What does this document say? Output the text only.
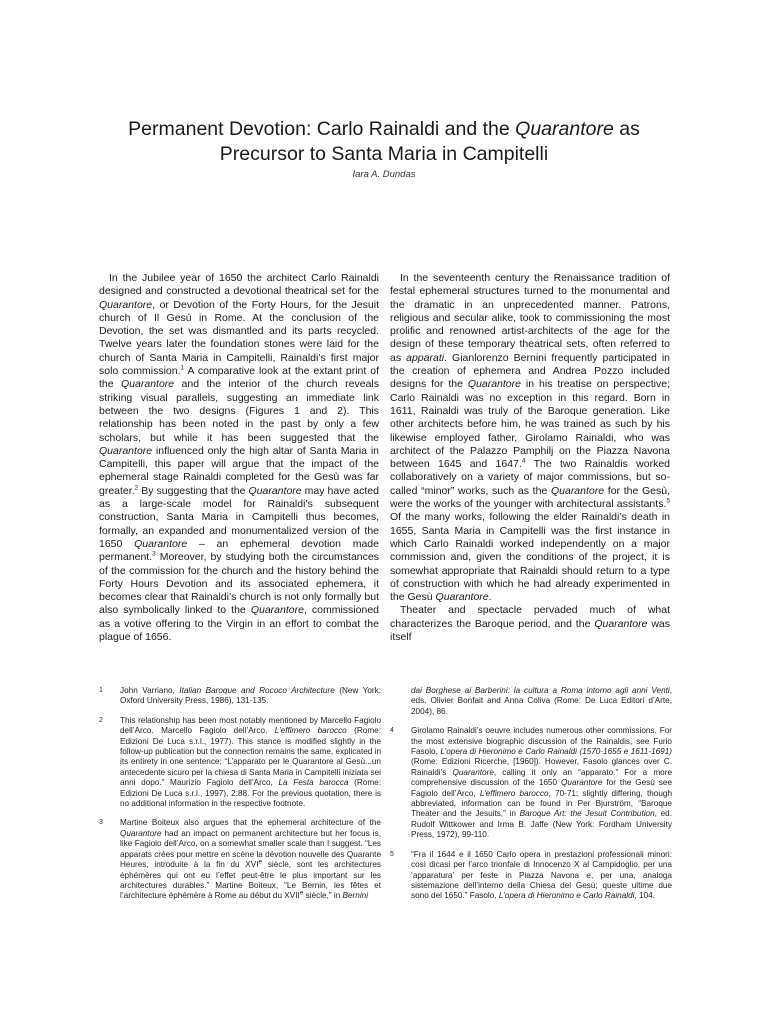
Permanent Devotion: Carlo Rainaldi and the Quarantore as
Precursor to Santa Maria in Campitelli
Iara A. Dundas

In the Jubilee year of 1650 the architect Carlo Rainaldi designed and constructed a devotional theatrical set for the Quarantore, or Devotion of the Forty Hours, for the Jesuit church of Il Gesù in Rome. At the conclusion of the Devotion, the set was dismantled and its parts recycled. Twelve years later the foundation stones were laid for the church of Santa Maria in Campitelli, Rainaldi’s first major solo commission.$^1$ A comparative look at the extant print of the Quarantore and the interior of the church reveals striking visual parallels, suggesting an immediate link between the two designs (Figures 1 and 2). This relationship has been noted in the past by only a few scholars, but while it has been suggested that the Quarantore influenced only the high altar of Santa Maria in Campitelli, this paper will argue that the impact of the ephemeral stage Rainaldi completed for the Gesù was far greater.$^2$ By suggesting that the Quarantore may have acted as a large-scale model for Rainaldi’s subsequent construction, Santa Maria in Campitelli thus becomes, formally, an expanded and monumentalized version of the 1650 Quarantore – an ephemeral devotion made permanent.$^3$ Moreover, by studying both the circumstances of the commission for the church and the history behind the Forty Hours Devotion and its associated ephemera, it becomes clear that Rainaldi’s church is not only formally but also symbolically linked to the Quarantore, commissioned as a votive offering to the Virgin in an effort to combat the plague of 1656.

In the seventeenth century the Renaissance tradition of festal ephemeral structures turned to the monumental and the dramatic in an unprecedented manner. Patrons, religious and secular alike, took to commissioning the most prolific and renowned artist-architects of the age for the design of these temporary theatrical sets, often referred to as apparati. Gianlorenzo Bernini frequently participated in the creation of ephemera and Andrea Pozzo included designs for the Quarantore in his treatise on perspective; Carlo Rainaldi was no exception in this regard. Born in 1611, Rainaldi was truly of the Baroque generation. Like other architects before him, he was trained as such by his likewise employed father, Girolamo Rainaldi, who was architect of the Palazzo Pamphilj on the Piazza Navona between 1645 and 1647.$^4$ The two Rainaldis worked collaboratively on a variety of major commissions, but so-called “minor” works, such as the Quarantore for the Gesù, were the works of the younger with architectural assistants.$^5$ Of the many works, following the elder Rainaldi’s death in 1655, Santa Maria in Campitelli was the first instance in which Carlo Rainaldi worked independently on a major commission and, given the conditions of the project, it is somewhat appropriate that Rainaldi should return to a type of construction with which he had already experimented in the Gesù Quarantore.

Theater and spectacle pervaded much of what characterizes the Baroque period, and the Quarantore was itself

1 John Varriano, Italian Baroque and Rococo Architecture (New York: Oxford University Press, 1986), 131-135.
2 This relationship has been most notably mentioned by Marcello Fagiolo dell’Arco. Marcello Fagiolo dell’Arco, L’effimero barocco (Rome: Edizioni De Luca s.r.l., 1977). This stance is modified slightly in the follow-up publication but the connection remains the same, explicated in its entirety in one sentence: “L’apparato per le Quarantore al Gesù...un antecedente sicuro per la chiesa di Santa Maria in Campitelli iniziata sei anni dopo.” Maurizio Fagiolo dell’Arco, La Festa barocca (Rome: Edizioni De Luca s.r.l., 1997), 2:88. For the previous quotation, there is no additional information in the respective footnote.
3 Martine Boiteux also argues that the ephemeral architecture of the Quarantore had an impact on permanent architecture but her focus is, like Fagiolo dell’Arco, on a somewhat smaller scale than I suggest. “Les apparats crées pour mettre en scène la dévotion nouvelle des Quarante Heures, introduite à la fin du XVIe siècle, sont les architectures éphémères qui ont eu l’effet peut-être le plus important sur les architectures durables.” Martine Boiteux, “Le Bernin, les fêtes et l’architecture éphémère à Rome au début du XVIIe siècle,” in Bernini
dai Borghese ai Barberini: la cultura a Roma intorno agli anni Venti, eds. Olivier Bonfait and Anna Coliva (Rome: De Luca Editori d’Arte, 2004), 86.
4 Girolamo Rainaldi’s oeuvre includes numerous other commissions. For the most extensive biographic discussion of the Rainaldis, see Furio Fasolo, L’opera di Hieronimo e Carlo Rainaldi (1570-1655 e 1611-1691) (Rome: Edizioni Ricerche, [1960]). However, Fasolo glances over C. Rainaldi’s Quarantore, calling it only an “apparato.” For a more comprehensive discussion of the 1650 Quarantore for the Gesù see Fagiolo dell’Arco, L’effimero barocco, 70-71; slightly differing, though abbreviated, information can be found in Per Bjurström, “Baroque Theater and the Jesuits,” in Baroque Art: the Jesuit Contribution, ed. Rudolf Wittkower and Irma B. Jaffe (New York: Fordham University Press, 1972), 99-110.
5 “Fra il 1644 e il 1650 Carlo opera in prestazioni professionali minori: così dicasi per l’arco trionfale di Innocenzo X al Campidoglio, per una ‘apparatura’ per feste in Piazza Navona e, per una, analoga sistemazione dell’interno della Chiesa del Gesù; queste ultime due sono del 1650.” Fasolo, L’opera di Hieronimo e Carlo Rainaldi, 104.
